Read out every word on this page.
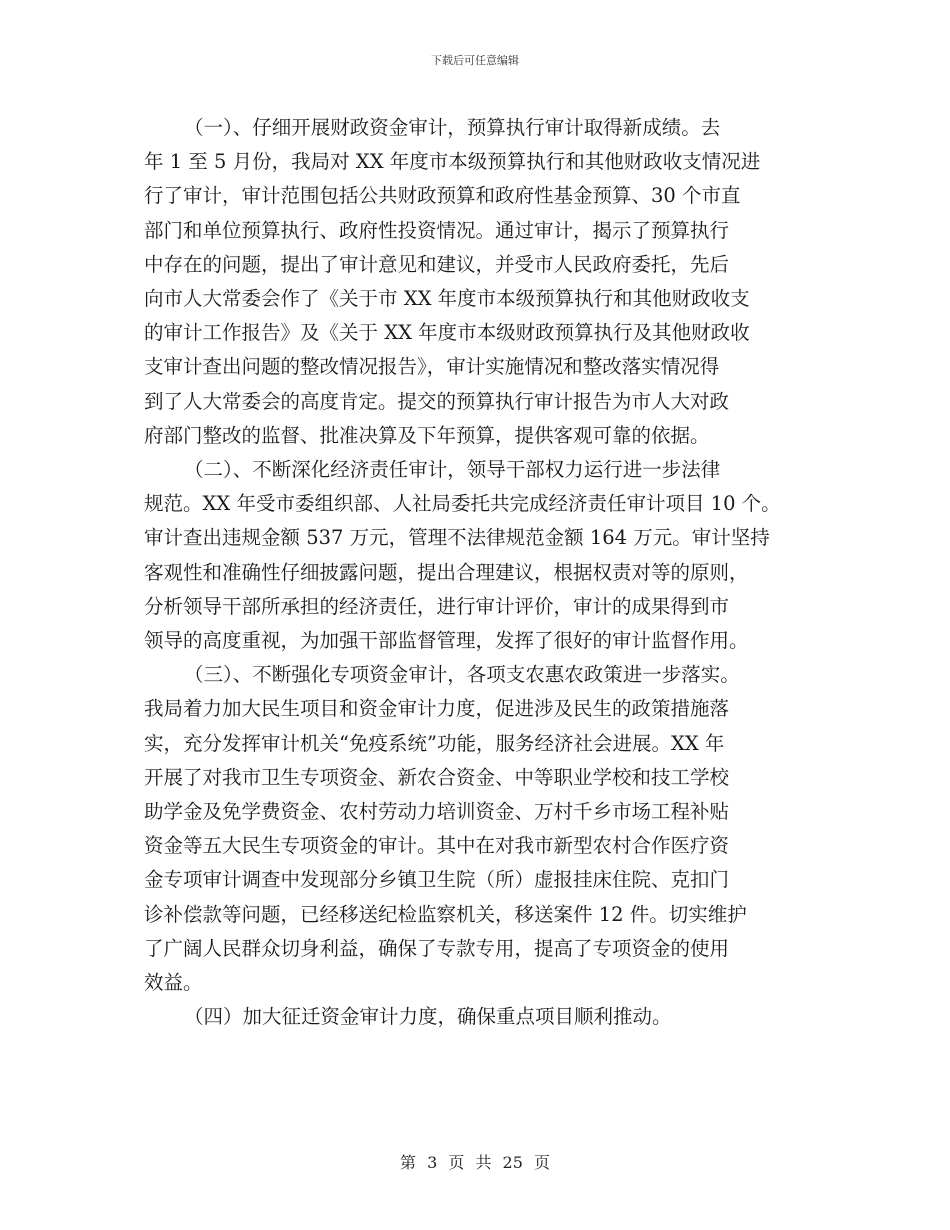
下载后可任意编辑

（一）、仔细开展财政资金审计，预算执行审计取得新成绩。去
年 1 至 5 月份，我局对 XX 年度市本级预算执行和其他财政收支情况进
行了审计，审计范围包括公共财政预算和政府性基金预算、30 个市直
部门和单位预算执行、政府性投资情况。通过审计，揭示了预算执行
中存在的问题，提出了审计意见和建议，并受市人民政府委托，先后
向市人大常委会作了《关于市 XX 年度市本级预算执行和其他财政收支
的审计工作报告》及《关于 XX 年度市本级财政预算执行及其他财政收
支审计查出问题的整改情况报告》，审计实施情况和整改落实情况得
到了人大常委会的高度肯定。提交的预算执行审计报告为市人大对政
府部门整改的监督、批准决算及下年预算，提供客观可靠的依据。

（二）、不断深化经济责任审计，领导干部权力运行进一步法律
规范。XX 年受市委组织部、人社局委托共完成经济责任审计项目 10 个。
审计查出违规金额 537 万元，管理不法律规范金额 164 万元。审计坚持
客观性和准确性仔细披露问题，提出合理建议，根据权责对等的原则，
分析领导干部所承担的经济责任，进行审计评价，审计的成果得到市
领导的高度重视，为加强干部监督管理，发挥了很好的审计监督作用。

（三）、不断强化专项资金审计，各项支农惠农政策进一步落实。
我局着力加大民生项目和资金审计力度，促进涉及民生的政策措施落
实，充分发挥审计机关“免疫系统”功能，服务经济社会进展。XX 年
开展了对我市卫生专项资金、新农合资金、中等职业学校和技工学校
助学金及免学费资金、农村劳动力培训资金、万村千乡市场工程补贴
资金等五大民生专项资金的审计。其中在对我市新型农村合作医疗资
金专项审计调查中发现部分乡镇卫生院（所）虚报挂床住院、克扣门
诊补偿款等问题，已经移送纪检监察机关，移送案件 12 件。切实维护
了广阔人民群众切身利益，确保了专款专用，提高了专项资金的使用
效益。

（四）加大征迁资金审计力度，确保重点项目顺利推动。

第 3 页 共 25 页
